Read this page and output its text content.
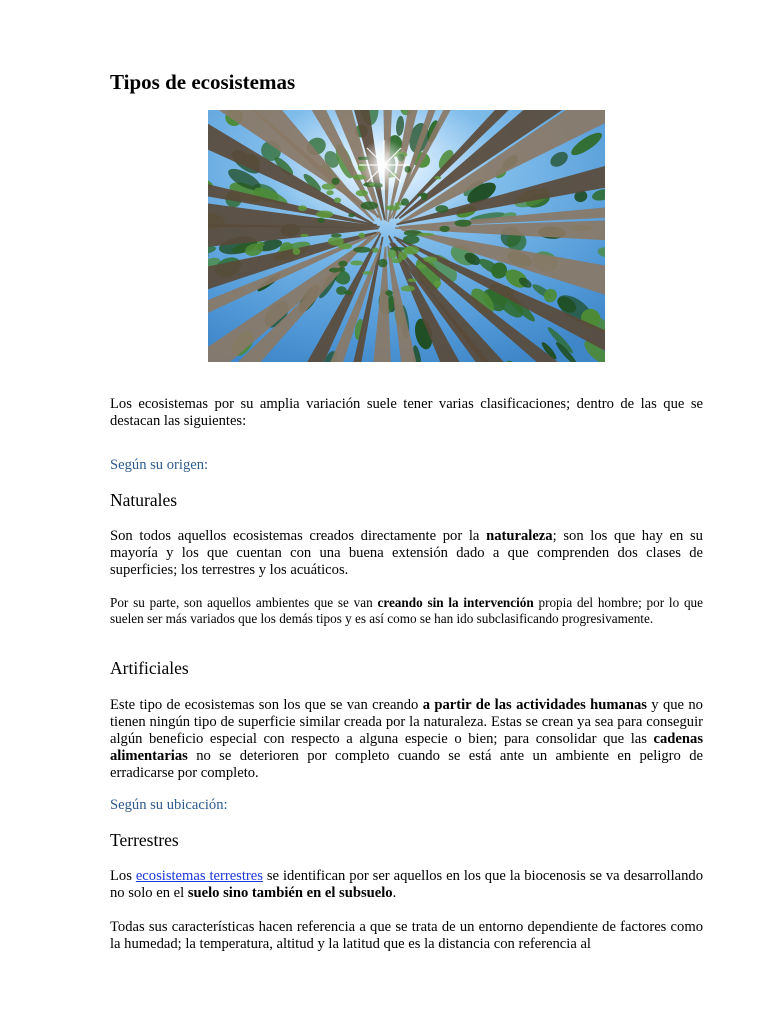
Tipos de ecosistemas

Los ecosistemas por su amplia variación suele tener varias clasificaciones; dentro de las que se destacan las siguientes:

Según su origen:
Naturales

Son todos aquellos ecosistemas creados directamente por la naturaleza; son los que hay en su mayoría y los que cuentan con una buena extensión dado a que comprenden dos clases de superficies; los terrestres y los acuáticos.

Por su parte, son aquellos ambientes que se van creando sin la intervención propia del hombre; por lo que suelen ser más variados que los demás tipos y es así como se han ido subclasificando progresivamente.

Artificiales

Este tipo de ecosistemas son los que se van creando a partir de las actividades humanas y que no tienen ningún tipo de superficie similar creada por la naturaleza. Estas se crean ya sea para conseguir algún beneficio especial con respecto a alguna especie o bien; para consolidar que las cadenas alimentarias no se deterioren por completo cuando se está ante un ambiente en peligro de erradicarse por completo.

Según su ubicación:
Terrestres

Los ecosistemas terrestres se identifican por ser aquellos en los que la biocenosis se va desarrollando no solo en el suelo sino también en el subsuelo.

Todas sus características hacen referencia a que se trata de un entorno dependiente de factores como la humedad; la temperatura, altitud y la latitud que es la distancia con referencia al
